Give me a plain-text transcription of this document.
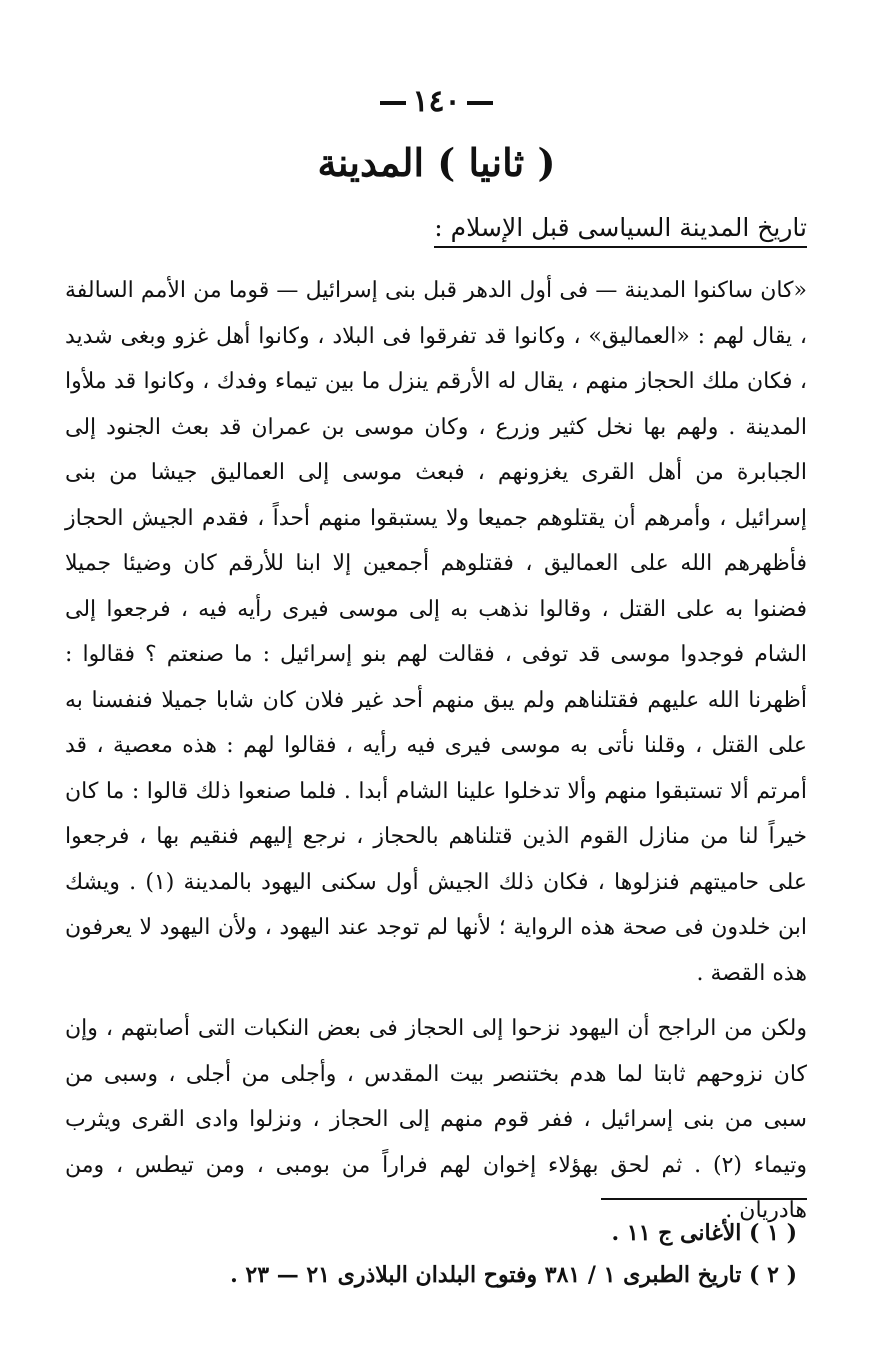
١٤٠
( ثانيا ) المدينة
تاريخ المدينة السياسى قبل الإسلام :

«كان ساكنوا المدينة — فى أول الدهر قبل بنى إسرائيل — قوما من الأمم السالفة ، يقال لهم : «العماليق» ، وكانوا قد تفرقوا فى البلاد ، وكانوا أهل غزو وبغى شديد ، فكان ملك الحجاز منهم ، يقال له الأرقم ينزل ما بين تيماء وفدك ، وكانوا قد ملأوا المدينة . ولهم بها نخل كثير وزرع ، وكان موسى بن عمران قد بعث الجنود إلى الجبابرة من أهل القرى يغزونهم ، فبعث موسى إلى العماليق جيشا من بنى إسرائيل ، وأمرهم أن يقتلوهم جميعا ولا يستبقوا منهم أحداً ، فقدم الجيش الحجاز فأظهرهم الله على العماليق ، فقتلوهم أجمعين إلا ابنا للأرقم كان وضيئا جميلا فضنوا به على القتل ، وقالوا نذهب به إلى موسى فيرى رأيه فيه ، فرجعوا إلى الشام فوجدوا موسى قد توفى ، فقالت لهم بنو إسرائيل : ما صنعتم ؟ فقالوا : أظهرنا الله عليهم فقتلناهم ولم يبق منهم أحد غير فلان كان شابا جميلا فنفسنا به على القتل ، وقلنا نأتى به موسى فيرى فيه رأيه ، فقالوا لهم : هذه معصية ، قد أمرتم ألا تستبقوا منهم وألا تدخلوا علينا الشام أبدا . فلما صنعوا ذلك قالوا : ما كان خيراً لنا من منازل القوم الذين قتلناهم بالحجاز ، نرجع إليهم فنقيم بها ، فرجعوا على حاميتهم فنزلوها ، فكان ذلك الجيش أول سكنى اليهود بالمدينة (١) . ويشك ابن خلدون فى صحة هذه الرواية ؛ لأنها لم توجد عند اليهود ، ولأن اليهود لا يعرفون هذه القصة .

ولكن من الراجح أن اليهود نزحوا إلى الحجاز فى بعض النكبات التى أصابتهم ، وإن كان نزوحهم ثابتا لما هدم بختنصر بيت المقدس ، وأجلى من أجلى ، وسبى من سبى من بنى إسرائيل ، ففر قوم منهم إلى الحجاز ، ونزلوا وادى القرى ويثرب وتيماء (٢) . ثم لحق بهؤلاء إخوان لهم فراراً من بومبى ، ومن تيطس ، ومن هادريان .

( ١ ) الأغانى ج ١١ .
( ٢ ) تاريخ الطبرى ١ / ٣٨١ وفتوح البلدان البلاذرى ٢١ — ٢٣ .
